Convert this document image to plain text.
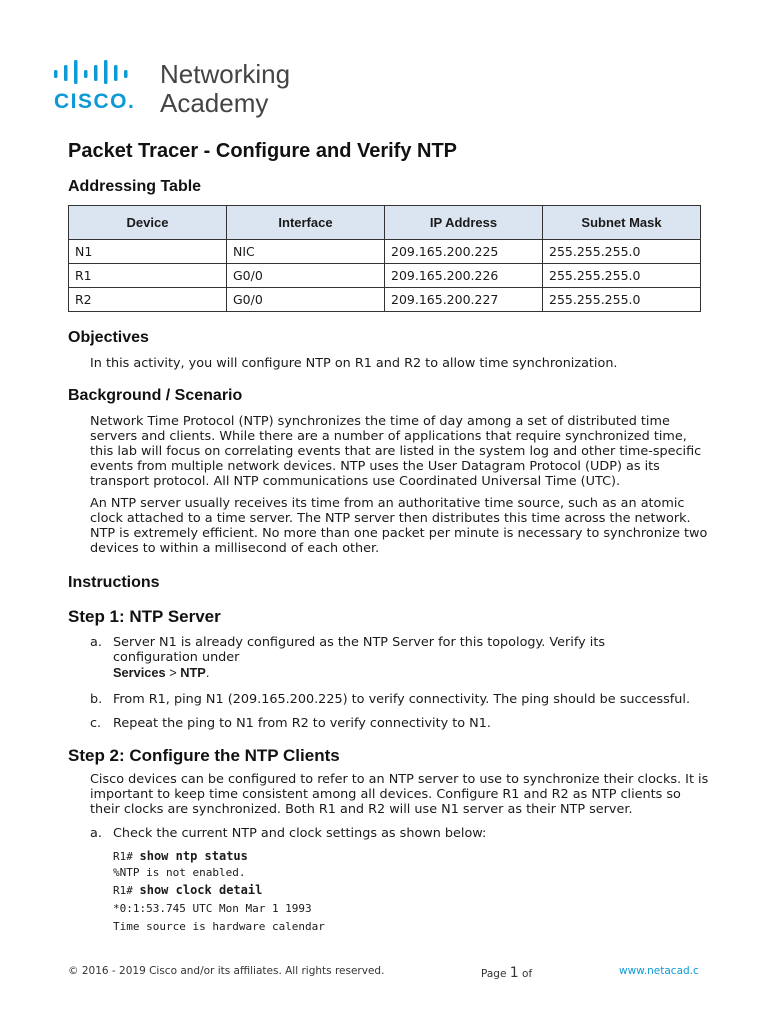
CISCO.
Networking
Academy
Packet Tracer - Configure and Verify NTP
Addressing Table
Device	Interface	IP Address	Subnet Mask
N1	NIC	209.165.200.225	255.255.255.0
R1	G0/0	209.165.200.226	255.255.255.0
R2	G0/0	209.165.200.227	255.255.255.0
Objectives
In this activity, you will configure NTP on R1 and R2 to allow time synchronization.
Background / Scenario
Network Time Protocol (NTP) synchronizes the time of day among a set of distributed time servers and clients. While there are a number of applications that require synchronized time, this lab will focus on correlating events that are listed in the system log and other time-specific events from multiple network devices. NTP uses the User Datagram Protocol (UDP) as its transport protocol. All NTP communications use Coordinated Universal Time (UTC).
An NTP server usually receives its time from an authoritative time source, such as an atomic clock attached to a time server. The NTP server then distributes this time across the network. NTP is extremely efficient. No more than one packet per minute is necessary to synchronize two devices to within a millisecond of each other.
Instructions
Step 1: NTP Server
a. Server N1 is already configured as the NTP Server for this topology. Verify its configuration under
Services > NTP.
b. From R1, ping N1 (209.165.200.225) to verify connectivity. The ping should be successful.
c. Repeat the ping to N1 from R2 to verify connectivity to N1.
Step 2: Configure the NTP Clients
Cisco devices can be configured to refer to an NTP server to use to synchronize their clocks. It is important to keep time consistent among all devices. Configure R1 and R2 as NTP clients so their clocks are synchronized. Both R1 and R2 will use N1 server as their NTP server.
a. Check the current NTP and clock settings as shown below:
R1# show ntp status
%NTP is not enabled.
R1# show clock detail
*0:1:53.745 UTC Mon Mar 1 1993
Time source is hardware calendar
© 2016 - 2019 Cisco and/or its affiliates. All rights reserved.	Page 1 of	www.netacad.c
